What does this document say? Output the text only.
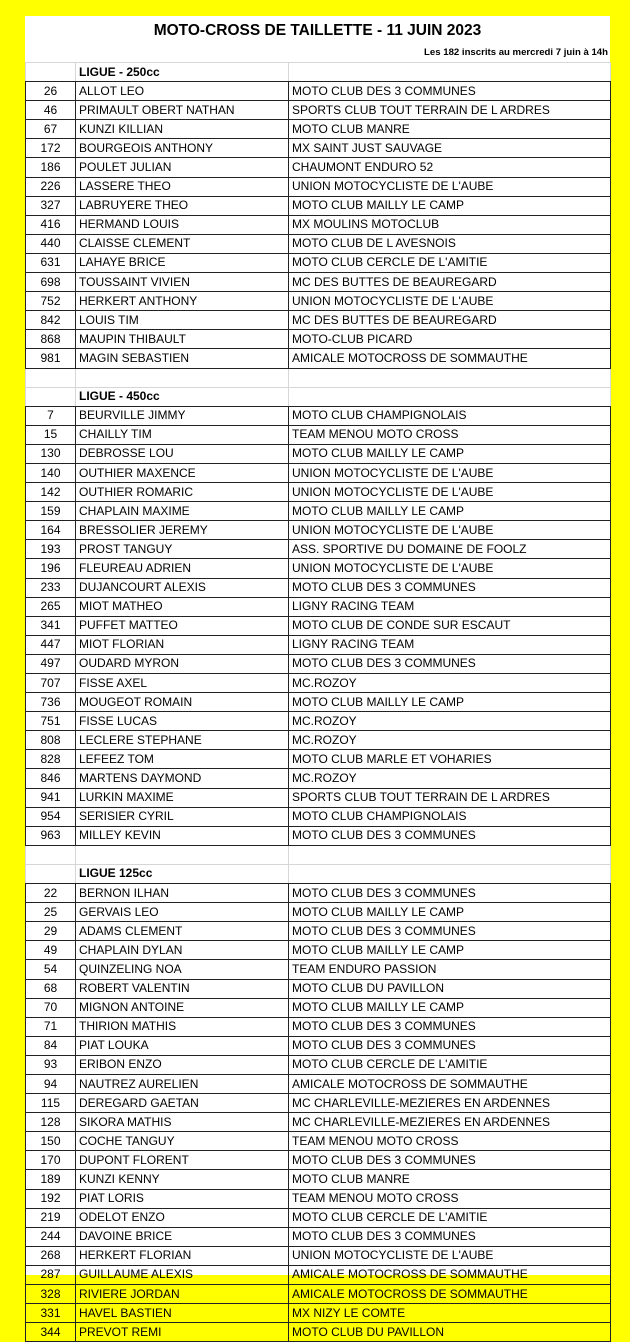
MOTO-CROSS DE TAILLETTE - 11 JUIN 2023
Les 182 inscrits au mercredi 7 juin à 14h
	LIGUE - 250cc	
26	ALLOT LEO	MOTO CLUB DES 3 COMMUNES
46	PRIMAULT OBERT NATHAN	SPORTS CLUB TOUT TERRAIN DE L ARDRES
67	KUNZI KILLIAN	MOTO CLUB MANRE
172	BOURGEOIS ANTHONY	MX SAINT JUST SAUVAGE
186	POULET JULIAN	CHAUMONT ENDURO 52
226	LASSERE THEO	UNION MOTOCYCLISTE DE L'AUBE
327	LABRUYERE THEO	MOTO CLUB MAILLY LE CAMP
416	HERMAND LOUIS	MX MOULINS MOTOCLUB
440	CLAISSE CLEMENT	MOTO CLUB DE L AVESNOIS
631	LAHAYE BRICE	MOTO CLUB CERCLE DE L'AMITIE
698	TOUSSAINT VIVIEN	MC DES BUTTES DE BEAUREGARD
752	HERKERT ANTHONY	UNION MOTOCYCLISTE DE L'AUBE
842	LOUIS TIM	MC DES BUTTES DE BEAUREGARD
868	MAUPIN THIBAULT	MOTO-CLUB PICARD
981	MAGIN SEBASTIEN	AMICALE MOTOCROSS DE SOMMAUTHE

	LIGUE - 450cc	
7	BEURVILLE JIMMY	MOTO CLUB CHAMPIGNOLAIS
15	CHAILLY TIM	TEAM MENOU MOTO CROSS
130	DEBROSSE LOU	MOTO CLUB MAILLY LE CAMP
140	OUTHIER MAXENCE	UNION MOTOCYCLISTE DE L'AUBE
142	OUTHIER ROMARIC	UNION MOTOCYCLISTE DE L'AUBE
159	CHAPLAIN MAXIME	MOTO CLUB MAILLY LE CAMP
164	BRESSOLIER JEREMY	UNION MOTOCYCLISTE DE L'AUBE
193	PROST TANGUY	ASS. SPORTIVE DU DOMAINE DE FOOLZ
196	FLEUREAU ADRIEN	UNION MOTOCYCLISTE DE L'AUBE
233	DUJANCOURT ALEXIS	MOTO CLUB DES 3 COMMUNES
265	MIOT MATHEO	LIGNY RACING TEAM
341	PUFFET MATTEO	MOTO CLUB DE CONDE SUR ESCAUT
447	MIOT FLORIAN	LIGNY RACING TEAM
497	OUDARD MYRON	MOTO CLUB DES 3 COMMUNES
707	FISSE AXEL	MC.ROZOY
736	MOUGEOT ROMAIN	MOTO CLUB MAILLY LE CAMP
751	FISSE LUCAS	MC.ROZOY
808	LECLERE STEPHANE	MC.ROZOY
828	LEFEEZ TOM	MOTO CLUB MARLE ET VOHARIES
846	MARTENS DAYMOND	MC.ROZOY
941	LURKIN MAXIME	SPORTS CLUB TOUT TERRAIN DE L ARDRES
954	SERISIER CYRIL	MOTO CLUB CHAMPIGNOLAIS
963	MILLEY KEVIN	MOTO CLUB DES 3 COMMUNES

	LIGUE 125cc	
22	BERNON ILHAN	MOTO CLUB DES 3 COMMUNES
25	GERVAIS LEO	MOTO CLUB MAILLY LE CAMP
29	ADAMS CLEMENT	MOTO CLUB DES 3 COMMUNES
49	CHAPLAIN DYLAN	MOTO CLUB MAILLY LE CAMP
54	QUINZELING NOA	TEAM ENDURO PASSION
68	ROBERT VALENTIN	MOTO CLUB DU PAVILLON
70	MIGNON ANTOINE	MOTO CLUB MAILLY LE CAMP
71	THIRION MATHIS	MOTO CLUB DES 3 COMMUNES
84	PIAT LOUKA	MOTO CLUB DES 3 COMMUNES
93	ERIBON ENZO	MOTO CLUB CERCLE DE L'AMITIE
94	NAUTREZ AURELIEN	AMICALE MOTOCROSS DE SOMMAUTHE
115	DEREGARD GAETAN	MC CHARLEVILLE-MEZIERES EN ARDENNES
128	SIKORA MATHIS	MC CHARLEVILLE-MEZIERES EN ARDENNES
150	COCHE TANGUY	TEAM MENOU MOTO CROSS
170	DUPONT FLORENT	MOTO CLUB DES 3 COMMUNES
189	KUNZI KENNY	MOTO CLUB MANRE
192	PIAT LORIS	TEAM MENOU MOTO CROSS
219	ODELOT ENZO	MOTO CLUB CERCLE DE L'AMITIE
244	DAVOINE BRICE	MOTO CLUB DES 3 COMMUNES
268	HERKERT FLORIAN	UNION MOTOCYCLISTE DE L'AUBE
287	GUILLAUME ALEXIS	AMICALE MOTOCROSS DE SOMMAUTHE
328	RIVIERE JORDAN	AMICALE MOTOCROSS DE SOMMAUTHE
331	HAVEL BASTIEN	MX NIZY LE COMTE
344	PREVOT REMI	MOTO CLUB DU PAVILLON
